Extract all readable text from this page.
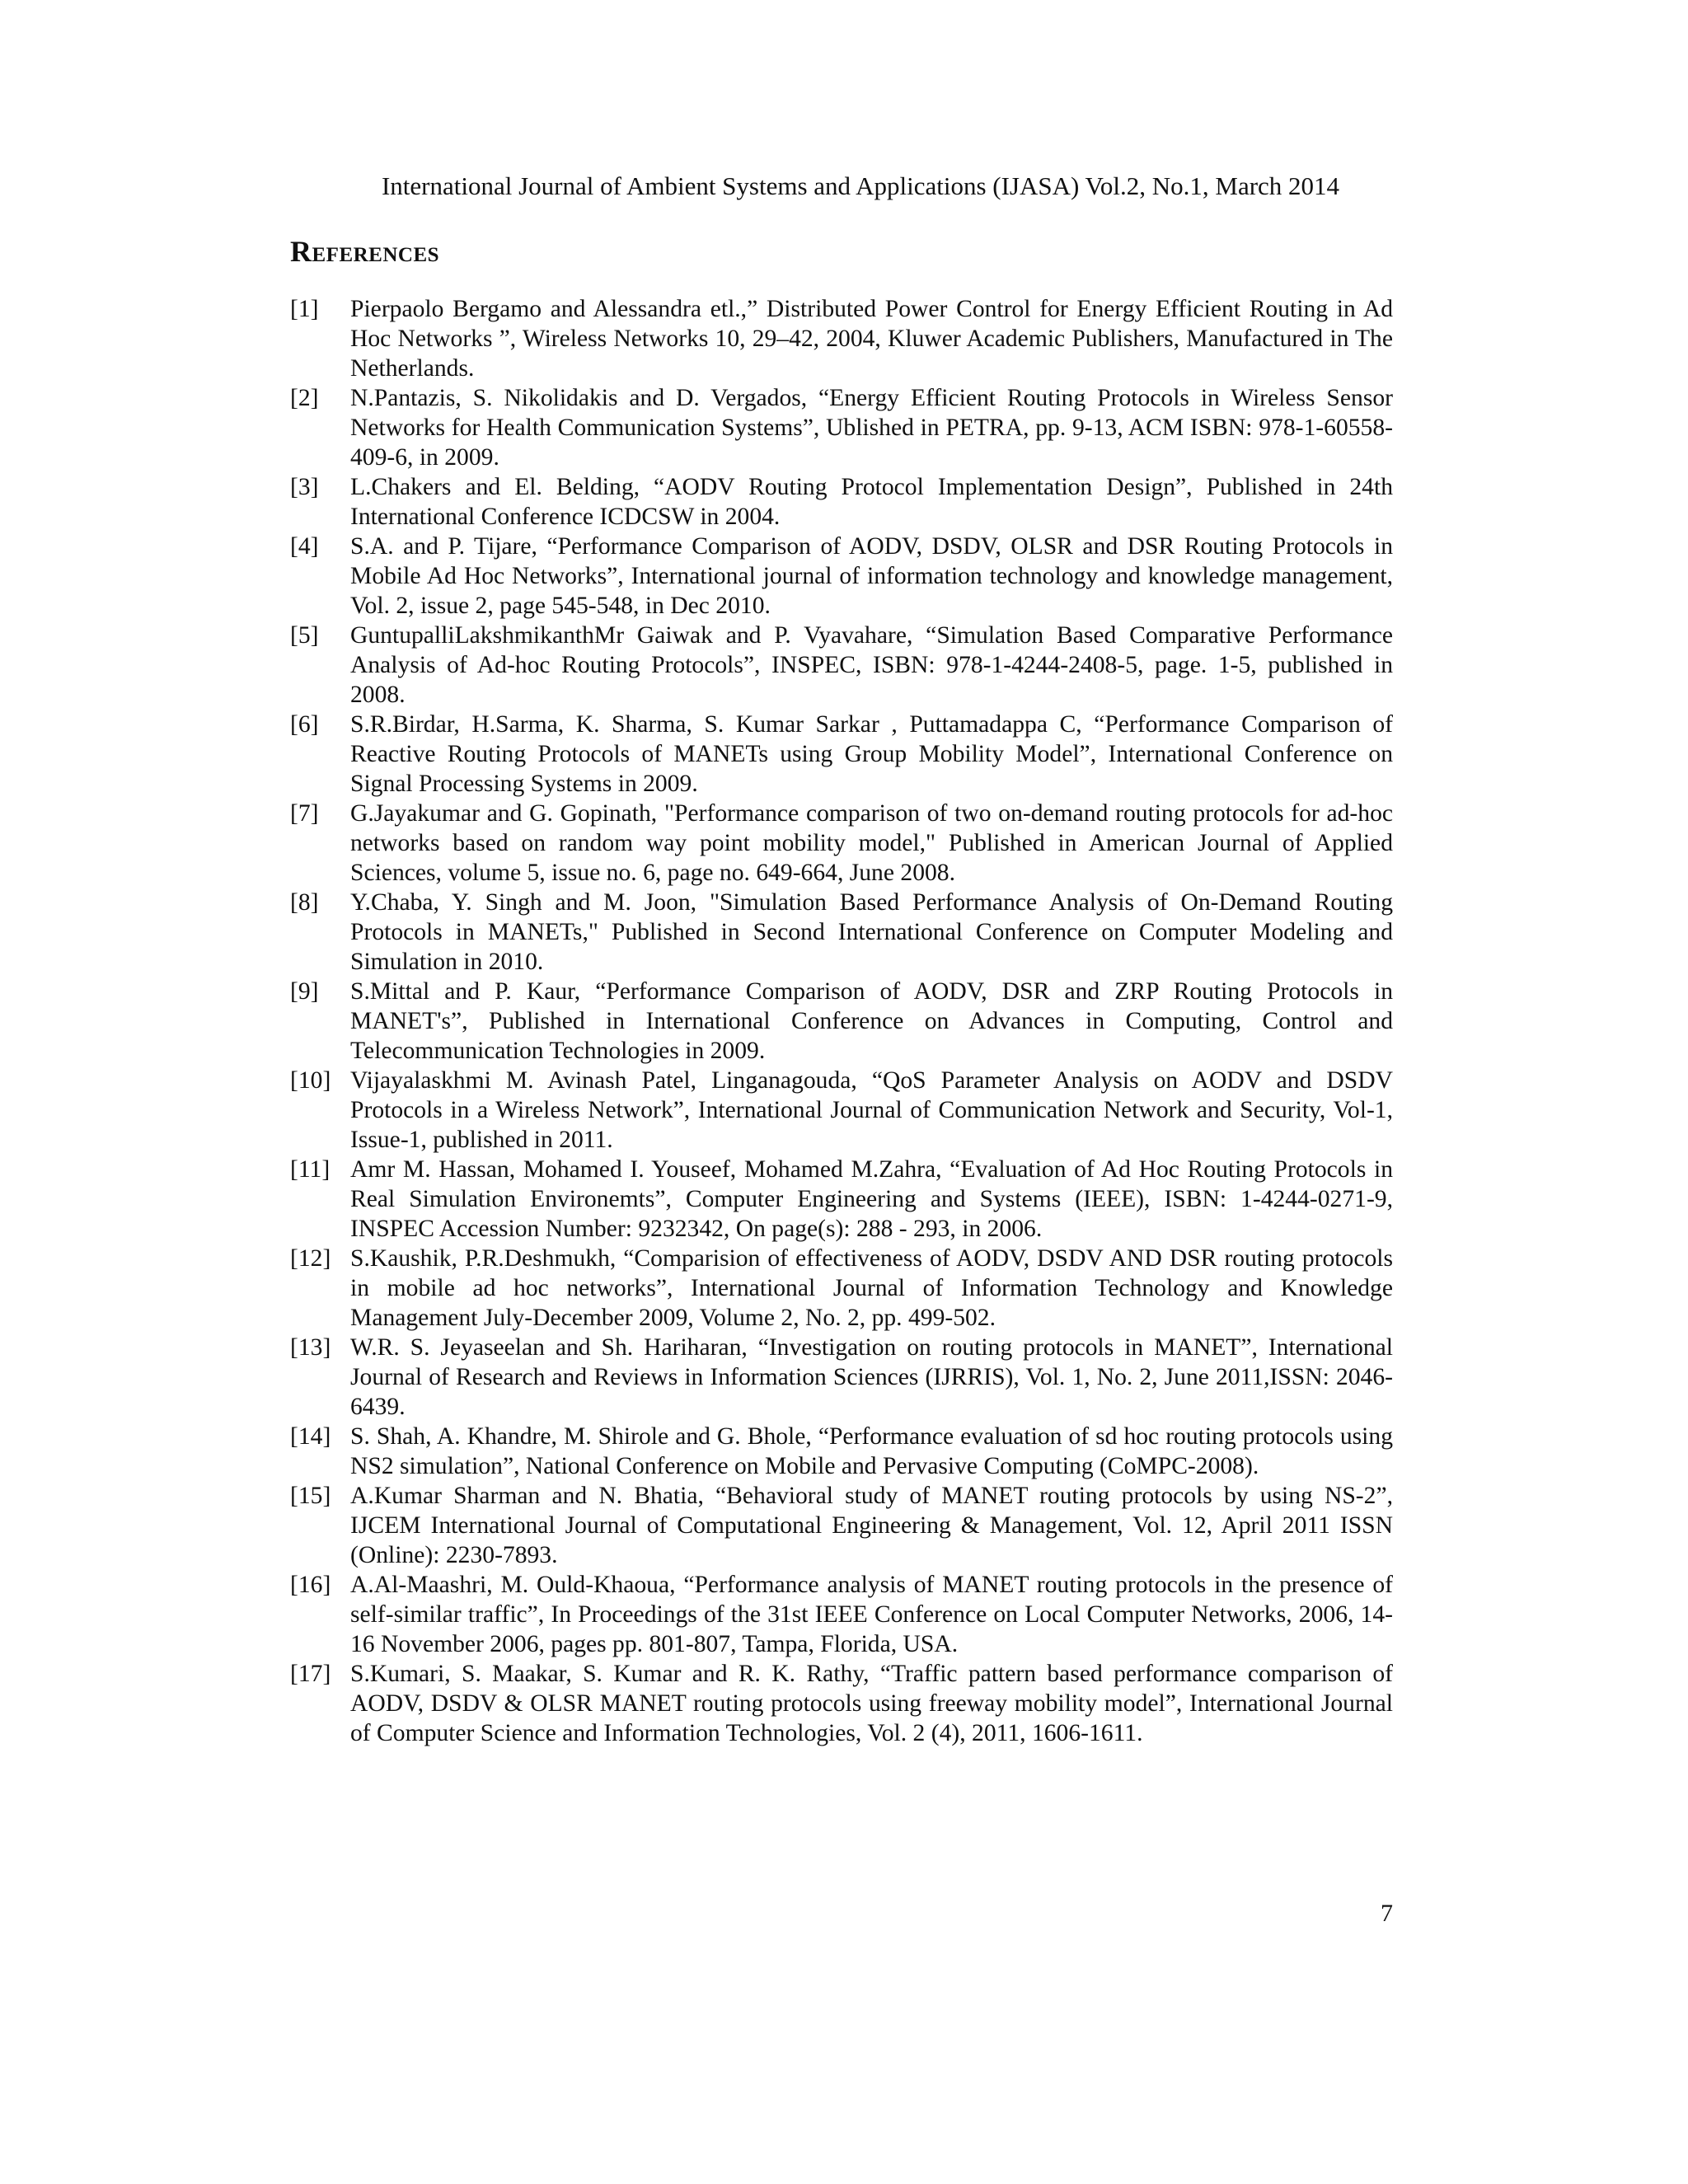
International Journal of Ambient Systems and Applications (IJASA) Vol.2, No.1, March 2014
References
[1]	Pierpaolo Bergamo and Alessandra etl.,” Distributed Power Control for Energy Efficient Routing in Ad Hoc Networks ”, Wireless Networks 10, 29–42, 2004, Kluwer Academic Publishers, Manufactured in The Netherlands.
[2]	N.Pantazis, S. Nikolidakis and D. Vergados, “Energy Efficient Routing Protocols in Wireless Sensor Networks for Health Communication Systems”, Ublished in PETRA, pp. 9-13, ACM ISBN: 978-1-60558-409-6, in 2009.
[3]	L.Chakers and El. Belding, “AODV Routing Protocol Implementation Design”, Published in 24th International Conference ICDCSW in 2004.
[4]	S.A. and P. Tijare, “Performance Comparison of AODV, DSDV, OLSR and DSR Routing Protocols in Mobile Ad Hoc Networks”, International journal of information technology and knowledge management, Vol. 2, issue 2, page 545-548, in Dec 2010.
[5]	GuntupalliLakshmikanthMr Gaiwak and P. Vyavahare, “Simulation Based Comparative Performance Analysis of Ad-hoc Routing Protocols”, INSPEC, ISBN: 978-1-4244-2408-5, page. 1-5, published in 2008.
[6]	S.R.Birdar, H.Sarma, K. Sharma, S. Kumar Sarkar , Puttamadappa C, “Performance Comparison of Reactive Routing Protocols of MANETs using Group Mobility Model”, International Conference on Signal Processing Systems in 2009.
[7]	G.Jayakumar and G. Gopinath, "Performance comparison of two on-demand routing protocols for ad-hoc networks based on random way point mobility model," Published in American Journal of Applied Sciences, volume 5, issue no. 6, page no. 649-664, June 2008.
[8]	Y.Chaba, Y. Singh and M. Joon, "Simulation Based Performance Analysis of On-Demand Routing Protocols in MANETs," Published in Second International Conference on Computer Modeling and Simulation in 2010.
[9]	S.Mittal and P. Kaur, “Performance Comparison of AODV, DSR and ZRP Routing Protocols in MANET's”, Published in International Conference on Advances in Computing, Control and Telecommunication Technologies in 2009.
[10] Vijayalaskhmi M. Avinash Patel, Linganagouda, “QoS Parameter Analysis on AODV and DSDV Protocols in a Wireless Network”, International Journal of Communication Network and Security, Vol-1, Issue-1, published in 2011.
[11] Amr M. Hassan, Mohamed I. Youseef, Mohamed M.Zahra, “Evaluation of Ad Hoc Routing Protocols in Real Simulation Environemts”, Computer Engineering and Systems (IEEE), ISBN: 1-4244-0271-9, INSPEC Accession Number: 9232342, On page(s): 288 - 293, in 2006.
[12] S.Kaushik, P.R.Deshmukh, “Comparision of effectiveness of AODV, DSDV AND DSR routing protocols in mobile ad hoc networks”, International Journal of Information Technology and Knowledge Management July-December 2009, Volume 2, No. 2, pp. 499-502.
[13] W.R. S. Jeyaseelan and Sh. Hariharan, “Investigation on routing protocols in MANET”, International Journal of Research and Reviews in Information Sciences (IJRRIS), Vol. 1, No. 2, June 2011,ISSN: 2046-6439.
[14] S. Shah, A. Khandre, M. Shirole and G. Bhole, “Performance evaluation of sd hoc routing protocols using NS2 simulation”, National Conference on Mobile and Pervasive Computing (CoMPC-2008).
[15] A.Kumar Sharman and N. Bhatia, “Behavioral study of MANET routing protocols by using NS-2”, IJCEM International Journal of Computational Engineering & Management, Vol. 12, April 2011 ISSN (Online): 2230-7893.
[16] A.Al-Maashri, M. Ould-Khaoua, “Performance analysis of MANET routing protocols in the presence of self-similar traffic”, In Proceedings of the 31st IEEE Conference on Local Computer Networks, 2006, 14-16 November 2006, pages pp. 801-807, Tampa, Florida, USA.
[17] S.Kumari, S. Maakar, S. Kumar and R. K. Rathy, “Traffic pattern based performance comparison of AODV, DSDV & OLSR MANET routing protocols using freeway mobility model”, International Journal of Computer Science and Information Technologies, Vol. 2 (4), 2011, 1606-1611.
7
